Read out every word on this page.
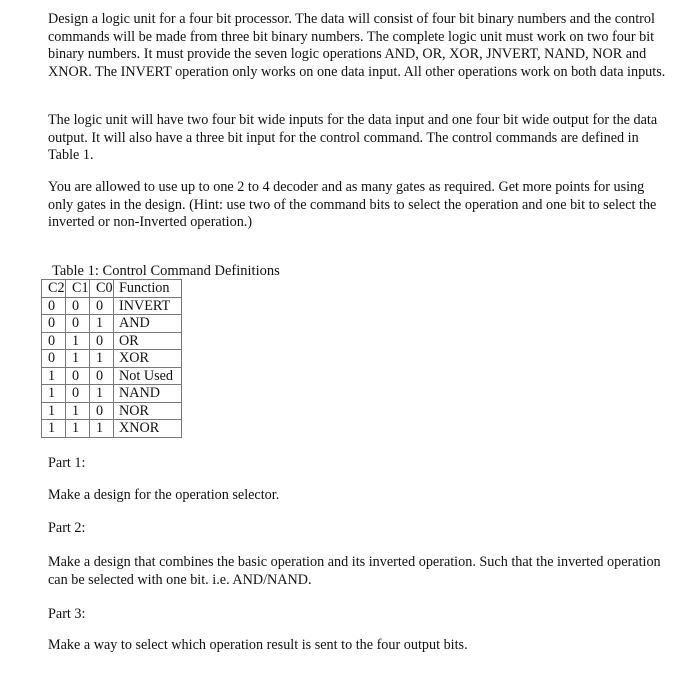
Design a logic unit for a four bit processor. The data will consist of four bit binary numbers and the control commands will be made from three bit binary numbers. The complete logic unit must work on two four bit binary numbers. It must provide the seven logic operations AND, OR, XOR, JNVERT, NAND, NOR and XNOR. The INVERT operation only works on one data input. All other operations work on both data inputs.

The logic unit will have two four bit wide inputs for the data input and one four bit wide output for the data output. It will also have a three bit input for the control command. The control commands are defined in Table 1.

You are allowed to use up to one 2 to 4 decoder and as many gates as required. Get more points for using only gates in the design. (Hint: use two of the command bits to select the operation and one bit to select the inverted or non-Inverted operation.)

Table 1: Control Command Definitions
C2	C1	C0	Function
0	0	0	INVERT
0	0	1	AND
0	1	0	OR
0	1	1	XOR
1	0	0	Not Used
1	0	1	NAND
1	1	0	NOR
1	1	1	XNOR

Part 1:

Make a design for the operation selector.

Part 2:

Make a design that combines the basic operation and its inverted operation. Such that the inverted operation can be selected with one bit. i.e. AND/NAND.

Part 3:

Make a way to select which operation result is sent to the four output bits.
